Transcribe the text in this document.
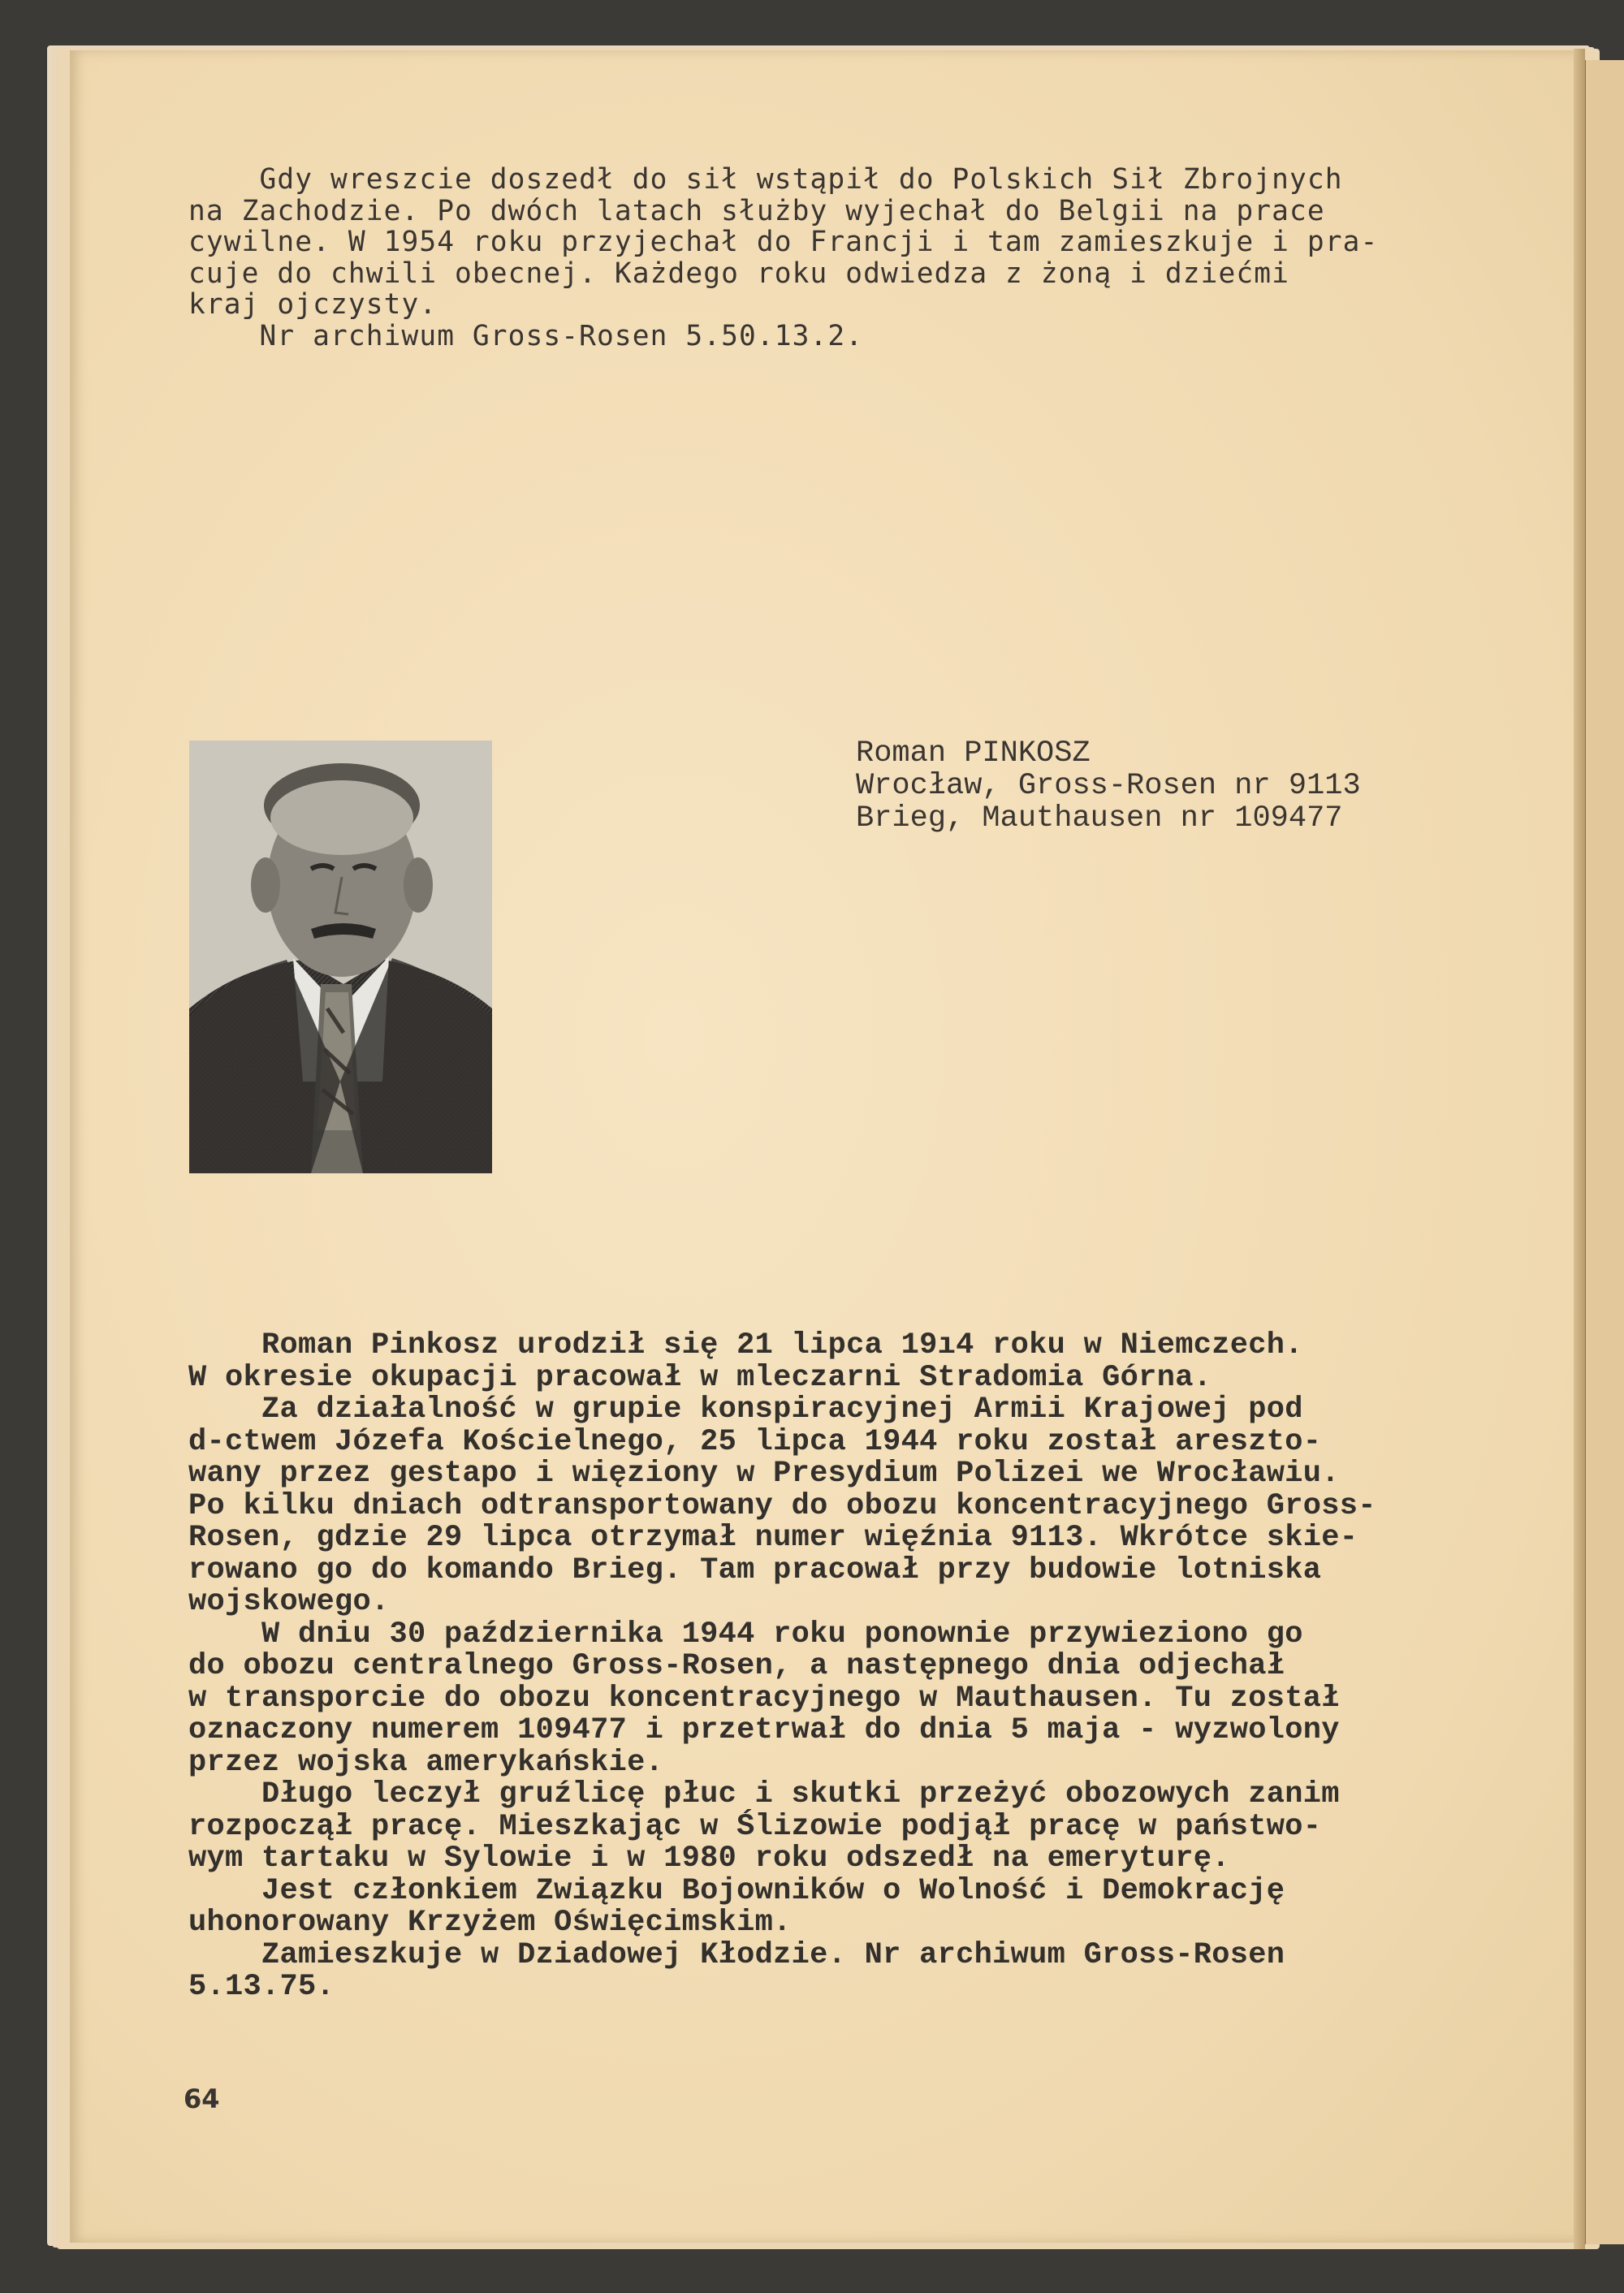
Gdy wreszcie doszedł do sił wstąpił do Polskich Sił Zbrojnych
na Zachodzie. Po dwóch latach służby wyjechał do Belgii na prace
cywilne. W 1954 roku przyjechał do Francji i tam zamieszkuje i pra-
cuje do chwili obecnej. Każdego roku odwiedza z żoną i dziećmi
kraj ojczysty.
Nr archiwum Gross-Rosen 5.50.13.2.
Roman PINKOSZ
Wrocław, Gross-Rosen nr 9113
Brieg, Mauthausen nr 109477
Roman Pinkosz urodził się 21 lipca 19ı4 roku w Niemczech.
W okresie okupacji pracował w mleczarni Stradomia Górna.
Za działalność w grupie konspiracyjnej Armii Krajowej pod
d-ctwem Józefa Kościelnego, 25 lipca 1944 roku został areszto-
wany przez gestapo i więziony w Presydium Polizei we Wrocławiu.
Po kilku dniach odtransportowany do obozu koncentracyjnego Gross-
Rosen, gdzie 29 lipca otrzymał numer więźnia 9113. Wkrótce skie-
rowano go do komando Brieg. Tam pracował przy budowie lotniska
wojskowego.
W dniu 30 października 1944 roku ponownie przywieziono go
do obozu centralnego Gross-Rosen, a następnego dnia odjechał
w transporcie do obozu koncentracyjnego w Mauthausen. Tu został
oznaczony numerem 109477 i przetrwał do dnia 5 maja - wyzwolony
przez wojska amerykańskie.
Długo leczył gruźlicę płuc i skutki przeżyć obozowych zanim
rozpoczął pracę. Mieszkając w Ślizowie podjął pracę w państwo-
wym tartaku w Sylowie i w 1980 roku odszedł na emeryturę.
Jest członkiem Związku Bojowników o Wolność i Demokrację
uhonorowany Krzyżem Oświęcimskim.
Zamieszkuje w Dziadowej Kłodzie. Nr archiwum Gross-Rosen
5.13.75.

64
